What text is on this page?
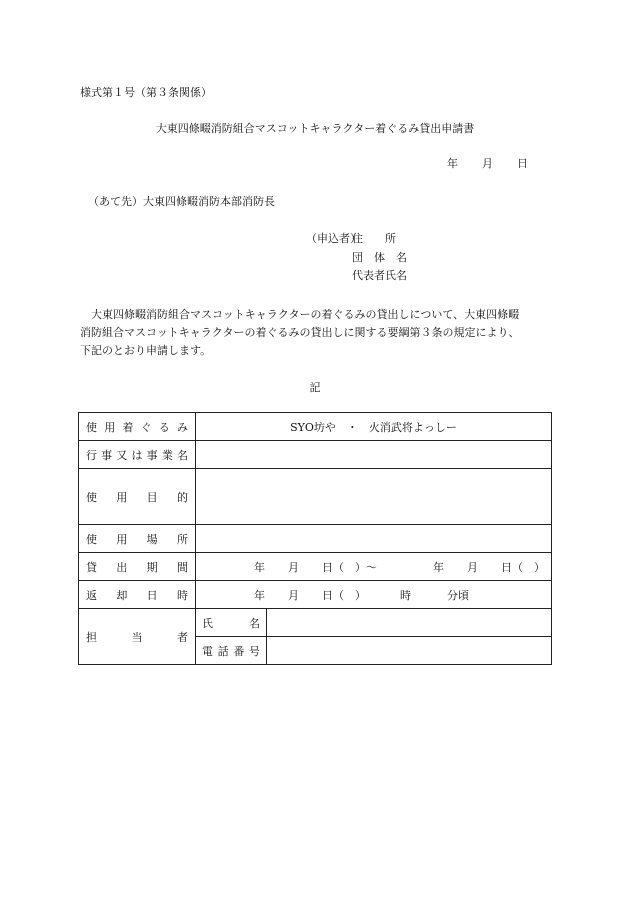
様式第１号（第３条関係）
大東四條畷消防組合マスコットキャラクター着ぐるみ貸出申請書
年 月 日
（あて先）大東四條畷消防本部消防長
（申込者）
住　　所
団　体　名
代表者氏名
大東四條畷消防組合マスコットキャラクターの着ぐるみの貸出しについて、大東四條畷
消防組合マスコットキャラクターの着ぐるみの貸出しに関する要綱第３条の規定により、
下記のとおり申請します。
記
使用着ぐるみ	SYO坊や　・　火消武将よっしー	
行事又は事業名		
使用目的		
使用場所		
貸出期間	年 月 日（　）～ 年 月 日（　）	
返却日時	年 月 日（　） 時 分頃	
担当者	氏名	
	電話番号	
